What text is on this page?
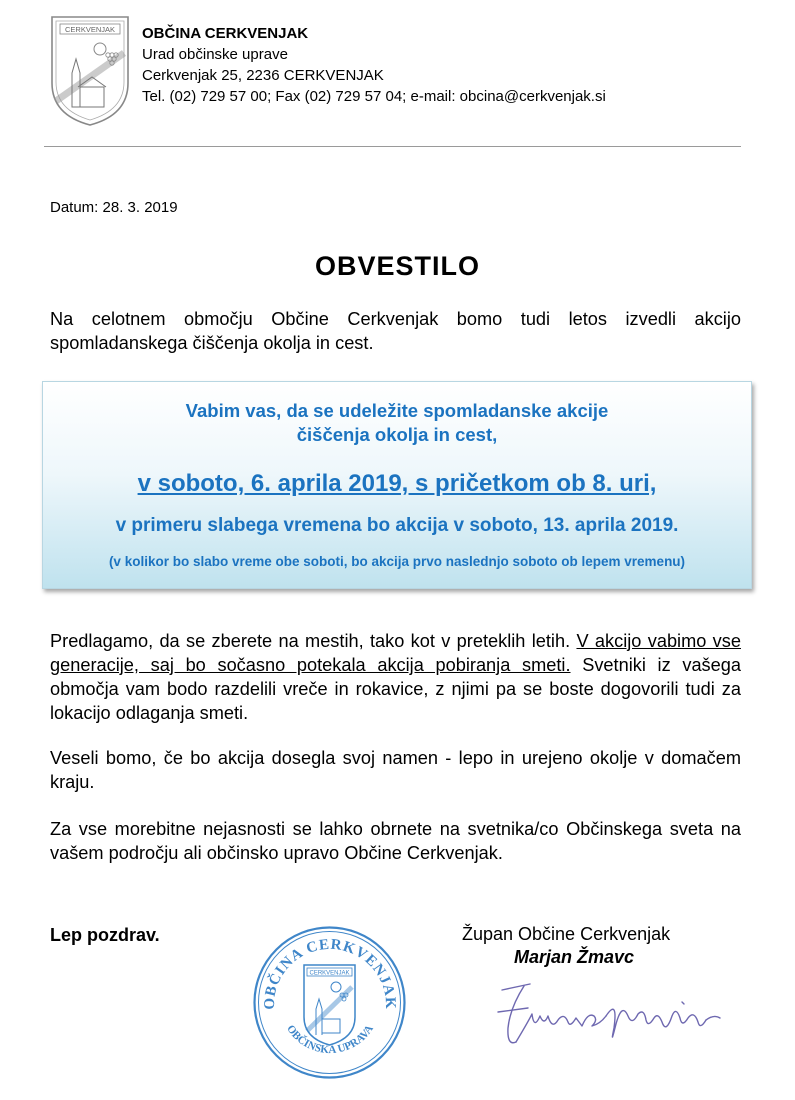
CERKVENJAK OBČINA CERKVENJAK
Urad občinske uprave
Cerkvenjak 25, 2236 CERKVENJAK
Tel. (02) 729 57 00; Fax (02) 729 57 04; e-mail: obcina@cerkvenjak.si
Datum: 28. 3. 2019
OBVESTILO
Na celotnem območju Občine Cerkvenjak bomo tudi letos izvedli akcijo spomladanskega čiščenja okolja in cest.
Vabim vas, da se udeležite spomladanske akcije
čiščenja okolja in cest,
v soboto, 6. aprila 2019, s pričetkom ob 8. uri,
v primeru slabega vremena bo akcija v soboto, 13. aprila 2019.
(v kolikor bo slabo vreme obe soboti, bo akcija prvo naslednjo soboto ob lepem vremenu)
Predlagamo, da se zberete na mestih, tako kot v preteklih letih. V akcijo vabimo vse generacije, saj bo sočasno potekala akcija pobiranja smeti. Svetniki iz vašega območja vam bodo razdelili vreče in rokavice, z njimi pa se boste dogovorili tudi za lokacijo odlaganja smeti.
Veseli bomo, če bo akcija dosegla svoj namen - lepo in urejeno okolje v domačem kraju.
Za vse morebitne nejasnosti se lahko obrnete na svetnika/co Občinskega sveta na vašem področju ali občinsko upravo Občine Cerkvenjak.
Lep pozdrav.	Župan Občine Cerkvenjak
Marjan Žmavc
OBČINA CERKVENJAK
OBČINSKA UPRAVA
CERKVENJAK
